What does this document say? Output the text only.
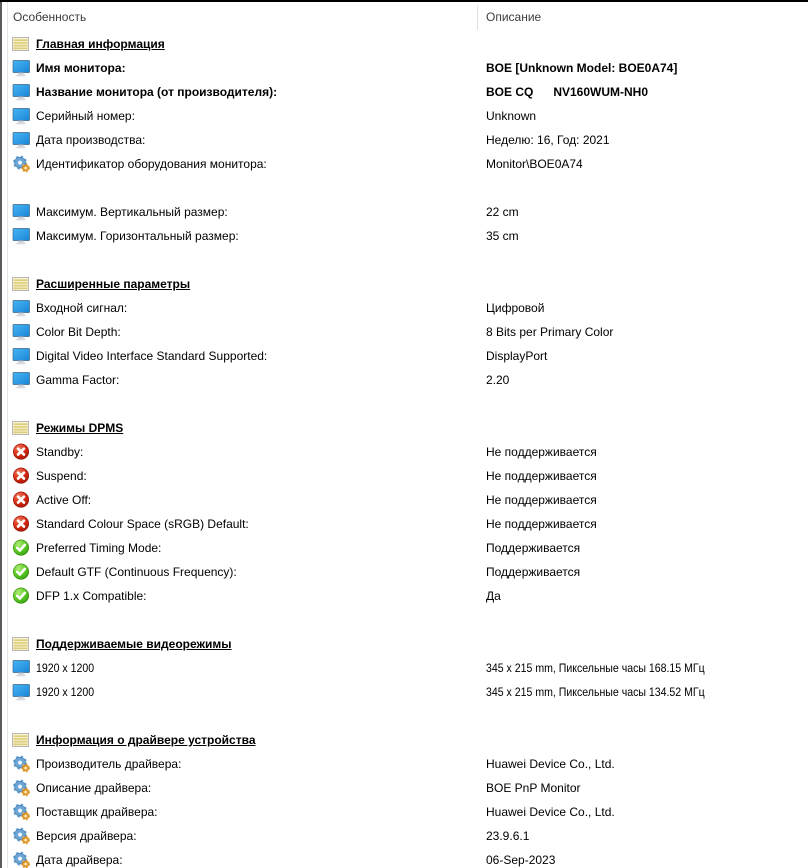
Особенность	Описание
Главная информация
Имя монитора:	BOE [Unknown Model: BOE0A74]
Название монитора (от производителя):	BOE CQ      NV160WUM-NH0
Серийный номер:	Unknown
Дата производства:	Неделю: 16, Год: 2021
Идентификатор оборудования монитора:	Monitor\BOE0A74
Максимум. Вертикальный размер:	22 cm
Максимум. Горизонтальный размер:	35 cm
Расширенные параметры
Входной сигнал:	Цифровой
Color Bit Depth:	8 Bits per Primary Color
Digital Video Interface Standard Supported:	DisplayPort
Gamma Factor:	2.20
Режимы DPMS
Standby:	Не поддерживается
Suspend:	Не поддерживается
Active Off:	Не поддерживается
Standard Colour Space (sRGB) Default:	Не поддерживается
Preferred Timing Mode:	Поддерживается
Default GTF (Continuous Frequency):	Поддерживается
DFP 1.x Compatible:	Да
Поддерживаемые видеорежимы
1920 x 1200	345 x 215 mm, Пиксельные часы 168.15 МГц
1920 x 1200	345 x 215 mm, Пиксельные часы 134.52 МГц
Информация о драйвере устройства
Производитель драйвера:	Huawei Device Co., Ltd.
Описание драйвера:	BOE PnP Monitor
Поставщик драйвера:	Huawei Device Co., Ltd.
Версия драйвера:	23.9.6.1
Дата драйвера:	06-Sep-2023
